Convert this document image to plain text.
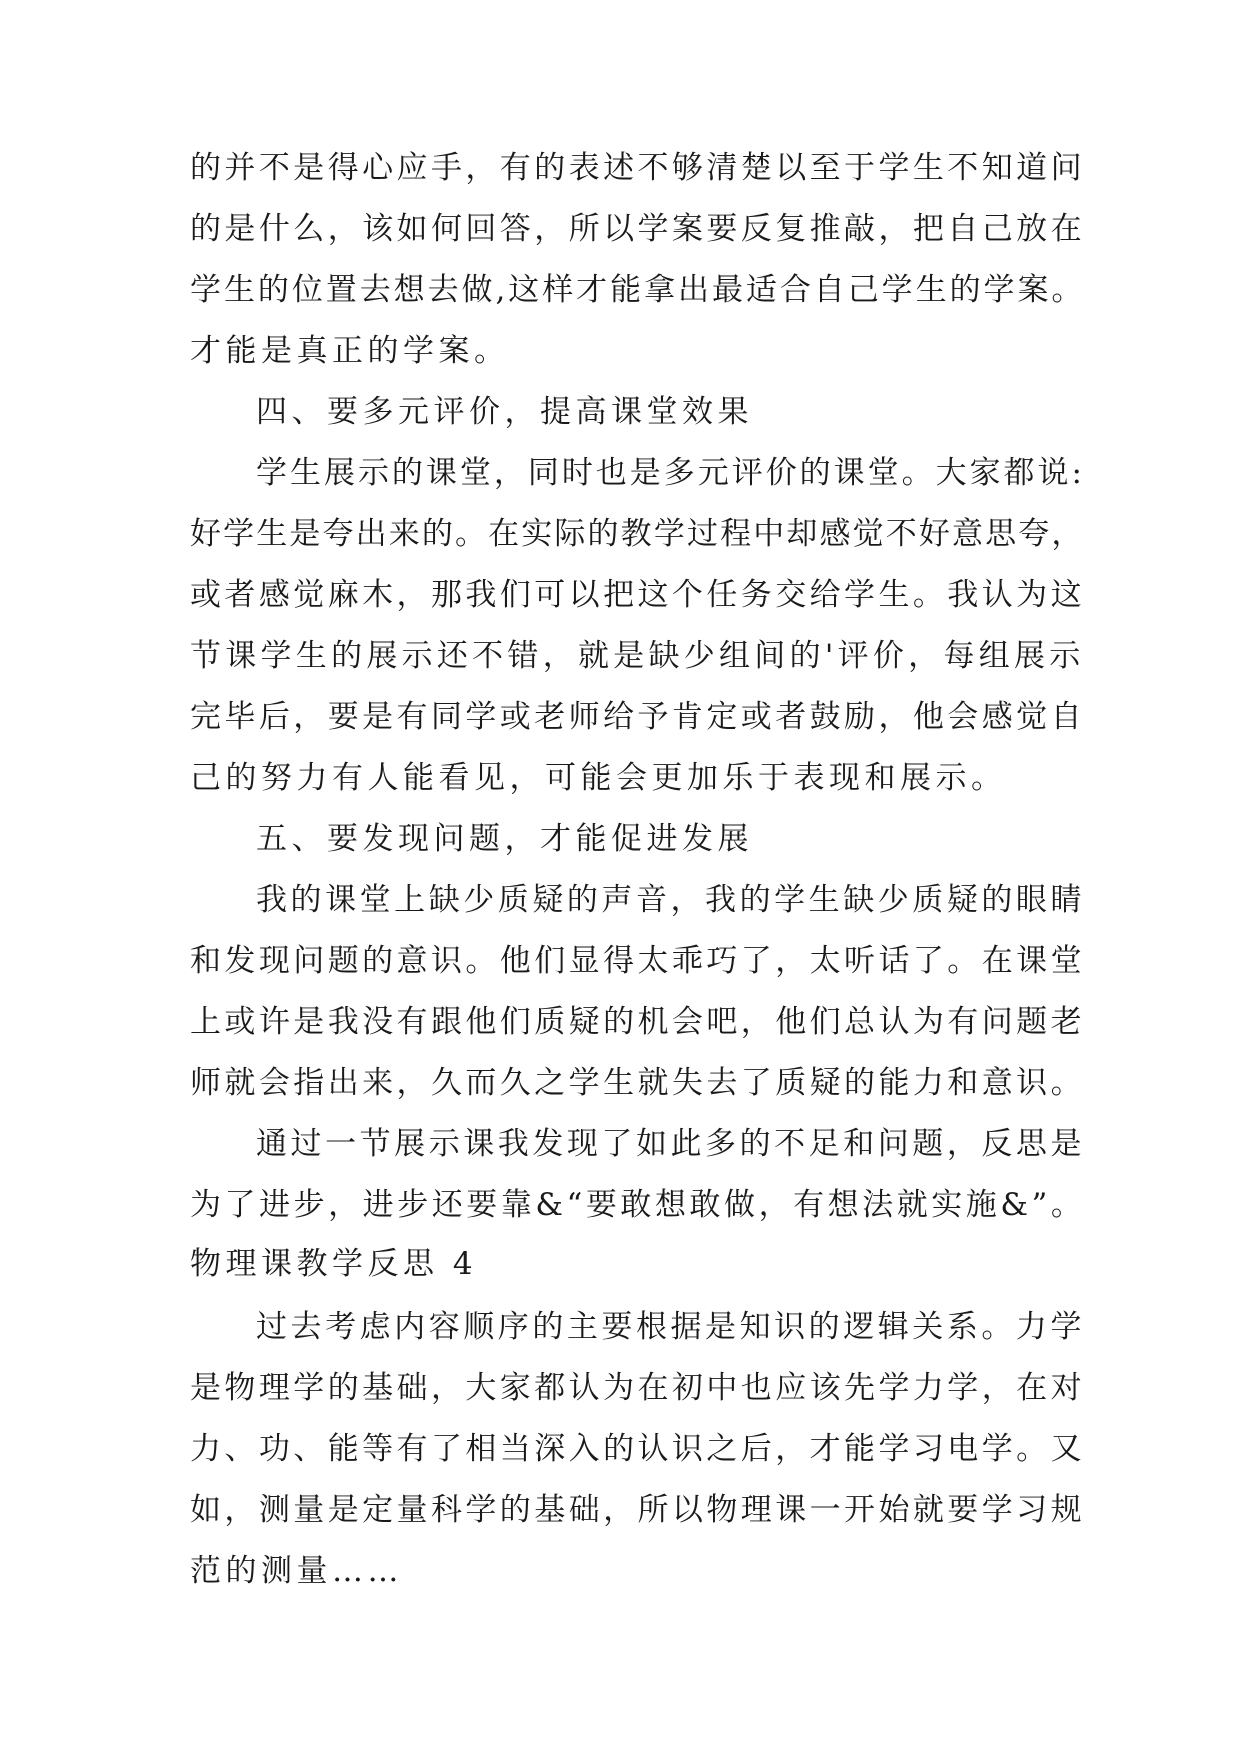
的并不是得心应手，有的表述不够清楚以至于学生不知道问
的是什么，该如何回答，所以学案要反复推敲，把自己放在
学生的位置去想去做,这样才能拿出最适合自己学生的学案。
才能是真正的学案。
四、要多元评价，提高课堂效果
学生展示的课堂，同时也是多元评价的课堂。大家都说:
好学生是夸出来的。在实际的教学过程中却感觉不好意思夸，
或者感觉麻木，那我们可以把这个任务交给学生。我认为这
节课学生的展示还不错，就是缺少组间的'评价，每组展示
完毕后，要是有同学或老师给予肯定或者鼓励，他会感觉自
己的努力有人能看见，可能会更加乐于表现和展示。
五、要发现问题，才能促进发展
我的课堂上缺少质疑的声音，我的学生缺少质疑的眼睛
和发现问题的意识。他们显得太乖巧了，太听话了。在课堂
上或许是我没有跟他们质疑的机会吧，他们总认为有问题老
师就会指出来，久而久之学生就失去了质疑的能力和意识。
通过一节展示课我发现了如此多的不足和问题，反思是
为了进步，进步还要靠&“要敢想敢做，有想法就实施&”。
物理课教学反思 4
过去考虑内容顺序的主要根据是知识的逻辑关系。力学
是物理学的基础，大家都认为在初中也应该先学力学，在对
力、功、能等有了相当深入的认识之后，才能学习电学。又
如，测量是定量科学的基础，所以物理课一开始就要学习规
范的测量……
